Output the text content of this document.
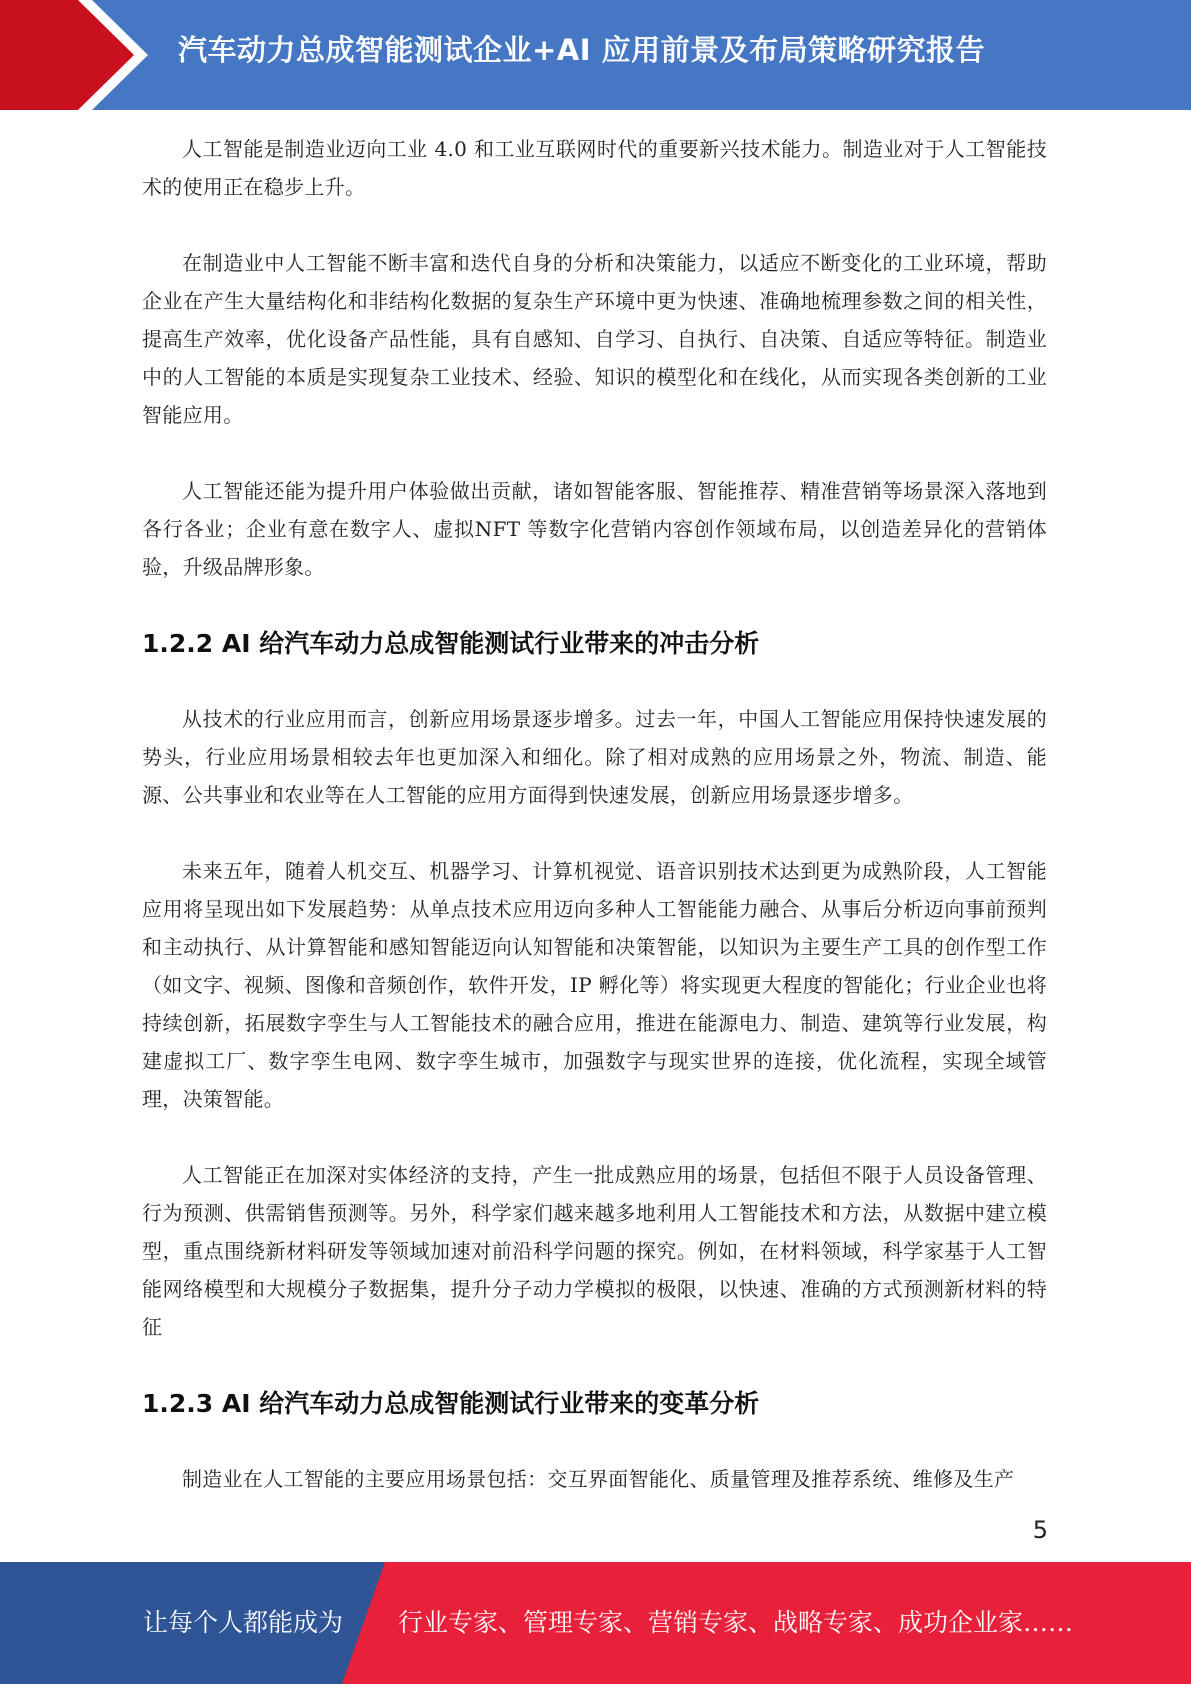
汽车动力总成智能测试企业+AI 应用前景及布局策略研究报告

人工智能是制造业迈向工业 4.0 和工业互联网时代的重要新兴技术能力。制造业对于人工智能技术的使用正在稳步上升。

在制造业中人工智能不断丰富和迭代自身的分析和决策能力，以适应不断变化的工业环境，帮助企业在产生大量结构化和非结构化数据的复杂生产环境中更为快速、准确地梳理参数之间的相关性，提高生产效率，优化设备产品性能，具有自感知、自学习、自执行、自决策、自适应等特征。制造业中的人工智能的本质是实现复杂工业技术、经验、知识的模型化和在线化，从而实现各类创新的工业智能应用。

人工智能还能为提升用户体验做出贡献，诸如智能客服、智能推荐、精准营销等场景深入落地到各行各业；企业有意在数字人、虚拟NFT 等数字化营销内容创作领域布局，以创造差异化的营销体验，升级品牌形象。

1.2.2 AI 给汽车动力总成智能测试行业带来的冲击分析

从技术的行业应用而言，创新应用场景逐步增多。过去一年，中国人工智能应用保持快速发展的势头，行业应用场景相较去年也更加深入和细化。除了相对成熟的应用场景之外，物流、制造、能源、公共事业和农业等在人工智能的应用方面得到快速发展，创新应用场景逐步增多。

未来五年，随着人机交互、机器学习、计算机视觉、语音识别技术达到更为成熟阶段，人工智能应用将呈现出如下发展趋势：从单点技术应用迈向多种人工智能能力融合、从事后分析迈向事前预判和主动执行、从计算智能和感知智能迈向认知智能和决策智能，以知识为主要生产工具的创作型工作（如文字、视频、图像和音频创作，软件开发，IP 孵化等）将实现更大程度的智能化；行业企业也将持续创新，拓展数字孪生与人工智能技术的融合应用，推进在能源电力、制造、建筑等行业发展，构建虚拟工厂、数字孪生电网、数字孪生城市，加强数字与现实世界的连接，优化流程，实现全域管理，决策智能。

人工智能正在加深对实体经济的支持，产生一批成熟应用的场景，包括但不限于人员设备管理、行为预测、供需销售预测等。另外，科学家们越来越多地利用人工智能技术和方法，从数据中建立模型，重点围绕新材料研发等领域加速对前沿科学问题的探究。例如，在材料领域，科学家基于人工智能网络模型和大规模分子数据集，提升分子动力学模拟的极限，以快速、准确的方式预测新材料的特征

1.2.3 AI 给汽车动力总成智能测试行业带来的变革分析

制造业在人工智能的主要应用场景包括：交互界面智能化、质量管理及推荐系统、维修及生产

5
让每个人都能成为 行业专家、管理专家、营销专家、战略专家、成功企业家……
